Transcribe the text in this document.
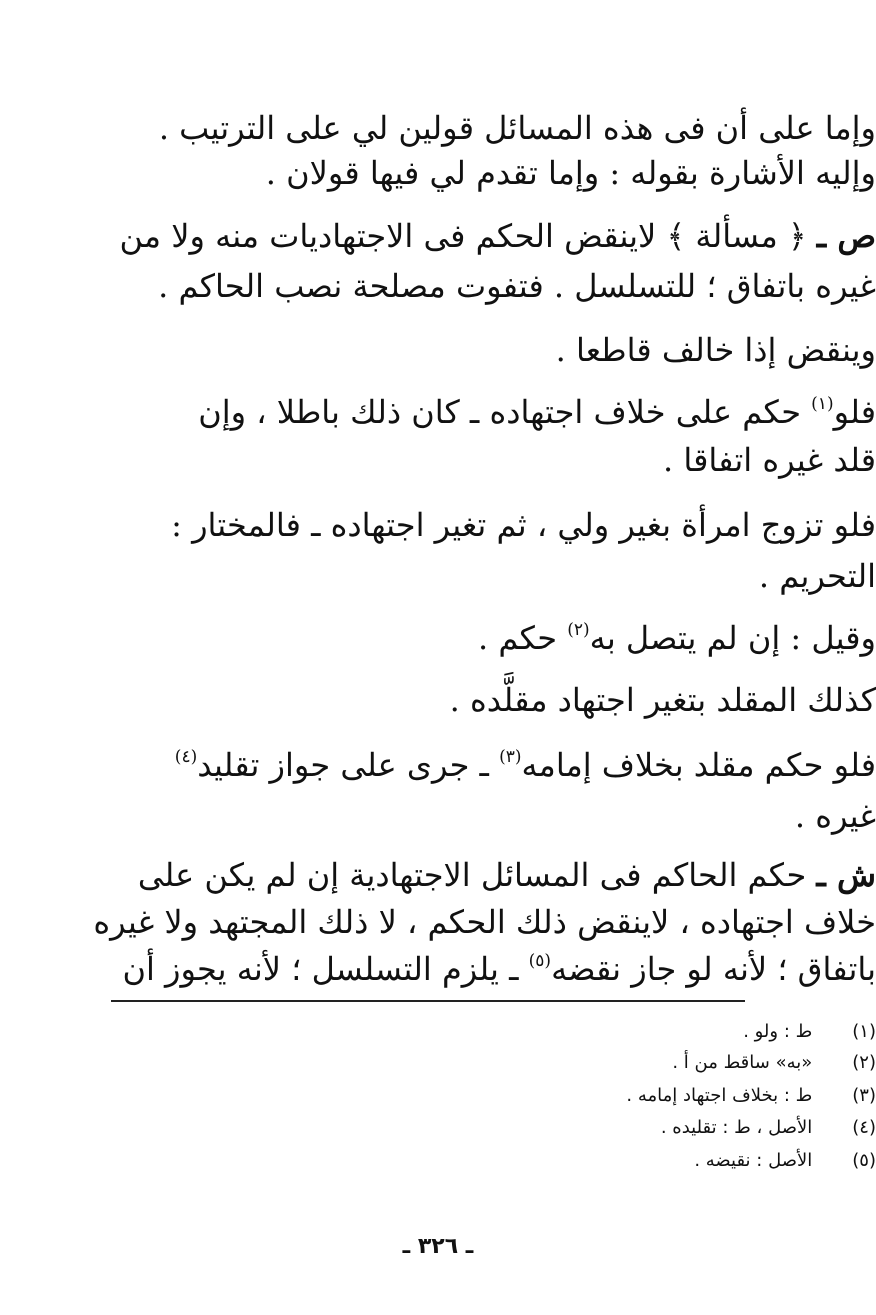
وإما على أن فى هذه المسائل قولين لي على الترتيب .
وإليه الأشارة بقوله : وإما تقدم لي فيها قولان .
ص ـ ﴿ مسألة ﴾ لاينقض الحكم فى الاجتهاديات منه ولا من
غيره باتفاق ؛ للتسلسل . فتفوت مصلحة نصب الحاكم .
وينقض إذا خالف قاطعا .
فلو$^{(١)}$ حكم على خلاف اجتهاده ـ كان ذلك باطلا ، وإن
قلد غيره اتفاقا .
فلو تزوج امرأة بغير ولي ، ثم تغير اجتهاده ـ فالمختار :
التحريم .
وقيل : إن لم يتصل به$^{(٢)}$ حكم .
كذلك المقلد بتغير اجتهاد مقلَّده .
فلو حكم مقلد بخلاف إمامه$^{(٣)}$ ـ جرى على جواز تقليد$^{(٤)}$
غيره .
ش ـ حكم الحاكم فى المسائل الاجتهادية إن لم يكن على
خلاف اجتهاده ، لاينقض ذلك الحكم ، لا ذلك المجتهد ولا غيره
باتفاق ؛ لأنه لو جاز نقضه$^{(٥)}$ ـ يلزم التسلسل ؛ لأنه يجوز أن
(١) ط : ولو .
(٢) «به» ساقط من أ .
(٣) ط : بخلاف اجتهاد إمامه .
(٤) الأصل ، ط : تقليده .
(٥) الأصل : نقيضه .
ـ ٣٢٦ ـ
